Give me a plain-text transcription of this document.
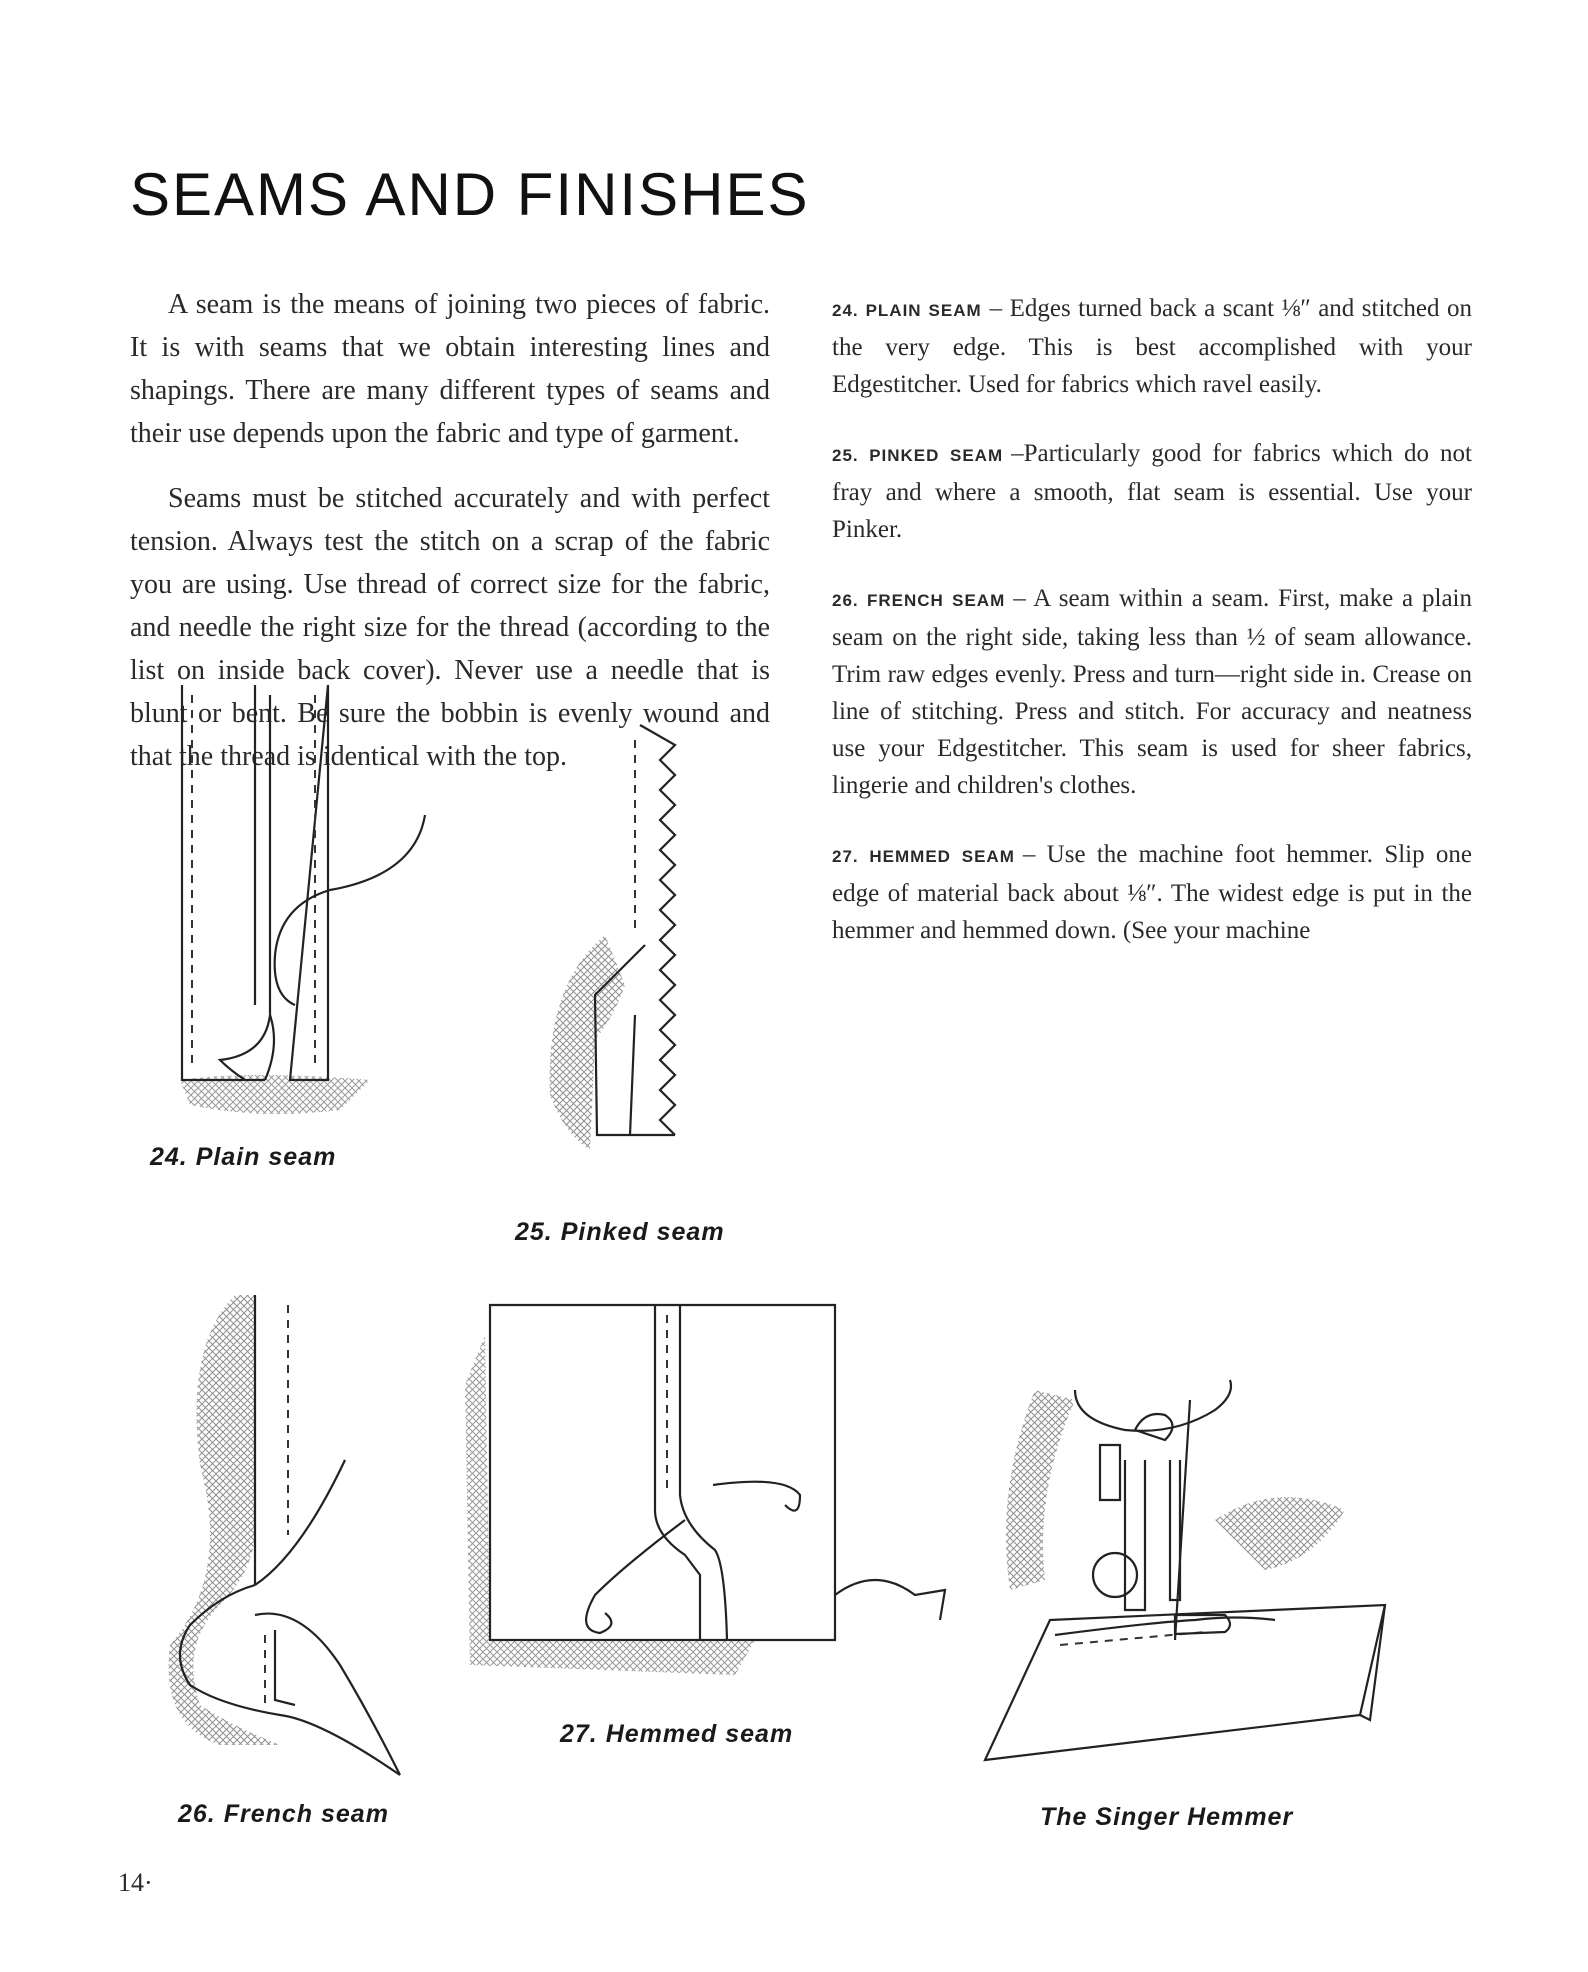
SEAMS AND FINISHES

A seam is the means of joining two pieces of fabric. It is with seams that we obtain interesting lines and shapings. There are many different types of seams and their use depends upon the fabric and type of garment.

Seams must be stitched accurately and with perfect tension. Always test the stitch on a scrap of the fabric you are using. Use thread of correct size for the fabric, and needle the right size for the thread (according to the list on inside back cover). Never use a needle that is blunt or bent. Be sure the bobbin is evenly wound and that the thread is identical with the top.

24. PLAIN SEAM – Edges turned back a scant ⅛″ and stitched on the very edge. This is best accomplished with your Edgestitcher. Used for fabrics which ravel easily.

25. PINKED SEAM –Particularly good for fabrics which do not fray and where a smooth, flat seam is essential. Use your Pinker.

26. FRENCH SEAM – A seam within a seam. First, make a plain seam on the right side, taking less than ½ of seam allowance. Trim raw edges evenly. Press and turn—right side in. Crease on line of stitching. Press and stitch. For accuracy and neatness use your Edgestitcher. This seam is used for sheer fabrics, lingerie and children's clothes.

27. HEMMED SEAM – Use the machine foot hemmer. Slip one edge of material back about ⅛″. The widest edge is put in the hemmer and hemmed down. (See your machine

24. Plain seam
25. Pinked seam
26. French seam
27. Hemmed seam
The Singer Hemmer
14·
